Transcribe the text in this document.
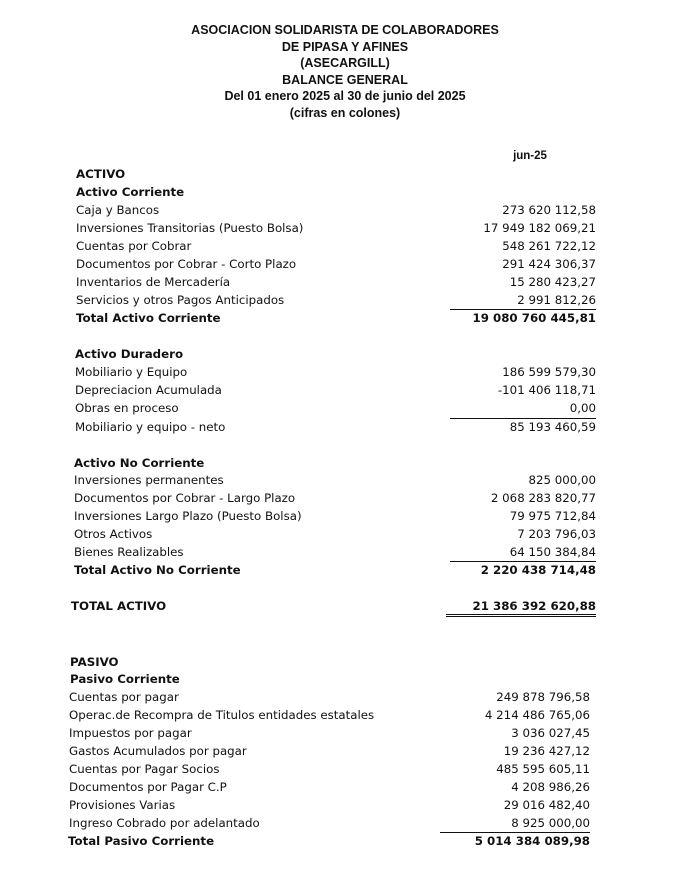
ASOCIACION SOLIDARISTA DE COLABORADORES
DE PIPASA Y AFINES
(ASECARGILL)
BALANCE GENERAL
Del 01 enero 2025 al 30 de junio del 2025
(cifras en colones)
jun-25
ACTIVO
Activo Corriente
Caja y Bancos	273 620 112,58
Inversiones Transitorias (Puesto Bolsa)	17 949 182 069,21
Cuentas por Cobrar	548 261 722,12
Documentos por Cobrar - Corto Plazo	291 424 306,37
Inventarios de Mercadería	15 280 423,27
Servicios y otros Pagos Anticipados	2 991 812,26
Total Activo Corriente	19 080 760 445,81
Activo Duradero
Mobiliario y Equipo	186 599 579,30
Depreciacion Acumulada	-101 406 118,71
Obras en proceso	0,00
Mobiliario y equipo - neto	85 193 460,59
Activo No Corriente
Inversiones permanentes	825 000,00
Documentos por Cobrar - Largo Plazo	2 068 283 820,77
Inversiones Largo Plazo (Puesto Bolsa)	79 975 712,84
Otros Activos	7 203 796,03
Bienes Realizables	64 150 384,84
Total Activo No Corriente	2 220 438 714,48
TOTAL ACTIVO	21 386 392 620,88
PASIVO
Pasivo Corriente
Cuentas por pagar	249 878 796,58
Operac.de Recompra de Titulos entidades estatales	4 214 486 765,06
Impuestos por pagar	3 036 027,45
Gastos Acumulados por pagar	19 236 427,12
Cuentas por Pagar Socios	485 595 605,11
Documentos por Pagar C.P	4 208 986,26
Provisiones Varias	29 016 482,40
Ingreso Cobrado por adelantado	8 925 000,00
Total Pasivo Corriente	5 014 384 089,98
